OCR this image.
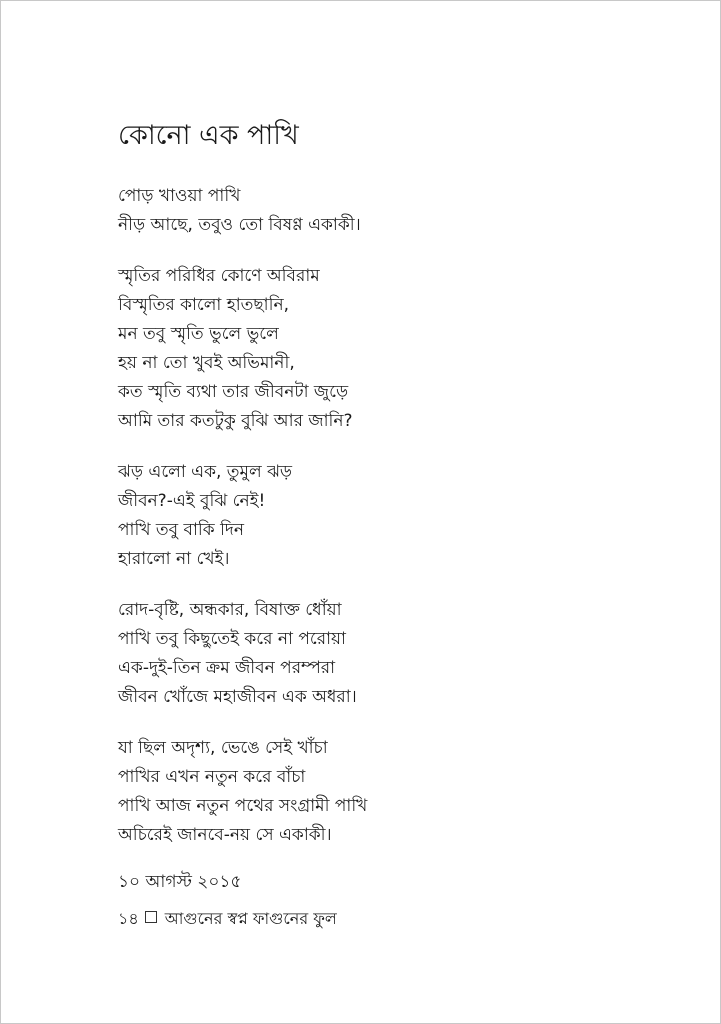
কোনো এক পাখি
পোড় খাওয়া পাখি
নীড় আছে, তবুও তো বিষণ্ণ একাকী।
স্মৃতির পরিধির কোণে অবিরাম
বিস্মৃতির কালো হাতছানি,
মন তবু স্মৃতি ভুলে ভুলে
হয় না তো খুবই অভিমানী,
কত স্মৃতি ব্যথা তার জীবনটা জুড়ে
আমি তার কতটুকু বুঝি আর জানি?
ঝড় এলো এক, তুমুল ঝড়
জীবন?-এই বুঝি নেই!
পাখি তবু বাকি দিন
হারালো না খেই।
রোদ-বৃষ্টি, অন্ধকার, বিষাক্ত ধোঁয়া
পাখি তবু কিছুতেই করে না পরোয়া
এক-দুই-তিন ক্রম জীবন পরম্পরা
জীবন খোঁজে মহাজীবন এক অধরা।
যা ছিল অদৃশ্য, ভেঙে সেই খাঁচা
পাখির এখন নতুন করে বাঁচা
পাখি আজ নতুন পথের সংগ্রামী পাখি
অচিরেই জানবে-নয় সে একাকী।
১০ আগস্ট ২০১৫
১৪ আগুনের স্বপ্ন ফাগুনের ফুল
